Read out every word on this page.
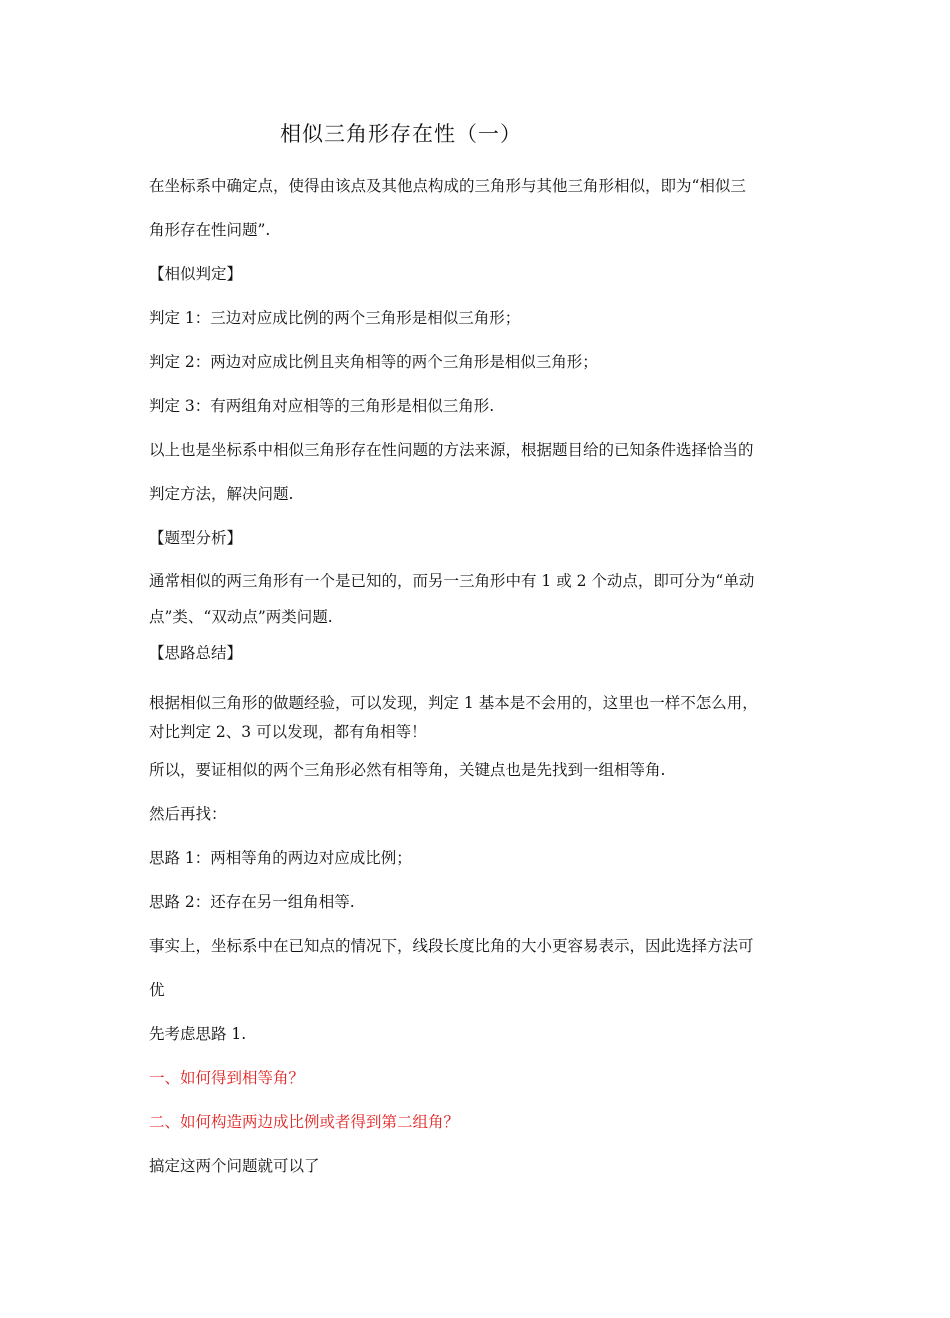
相似三角形存在性（一）
在坐标系中确定点，使得由该点及其他点构成的三角形与其他三角形相似，即为“相似三
角形存在性问题”.
【相似判定】
判定 1：三边对应成比例的两个三角形是相似三角形；
判定 2：两边对应成比例且夹角相等的两个三角形是相似三角形；
判定 3：有两组角对应相等的三角形是相似三角形.
以上也是坐标系中相似三角形存在性问题的方法来源，根据题目给的已知条件选择恰当的
判定方法，解决问题.
【题型分析】
通常相似的两三角形有一个是已知的，而另一三角形中有 1 或 2 个动点，即可分为“单动
点”类、“双动点”两类问题.
【思路总结】
根据相似三角形的做题经验，可以发现，判定 1 基本是不会用的，这里也一样不怎么用，
对比判定 2、3 可以发现，都有角相等！
所以，要证相似的两个三角形必然有相等角，关键点也是先找到一组相等角.
然后再找：
思路 1：两相等角的两边对应成比例；
思路 2：还存在另一组角相等.
事实上，坐标系中在已知点的情况下，线段长度比角的大小更容易表示，因此选择方法可
优
先考虑思路 1.
一、如何得到相等角？
二、如何构造两边成比例或者得到第二组角？
搞定这两个问题就可以了
